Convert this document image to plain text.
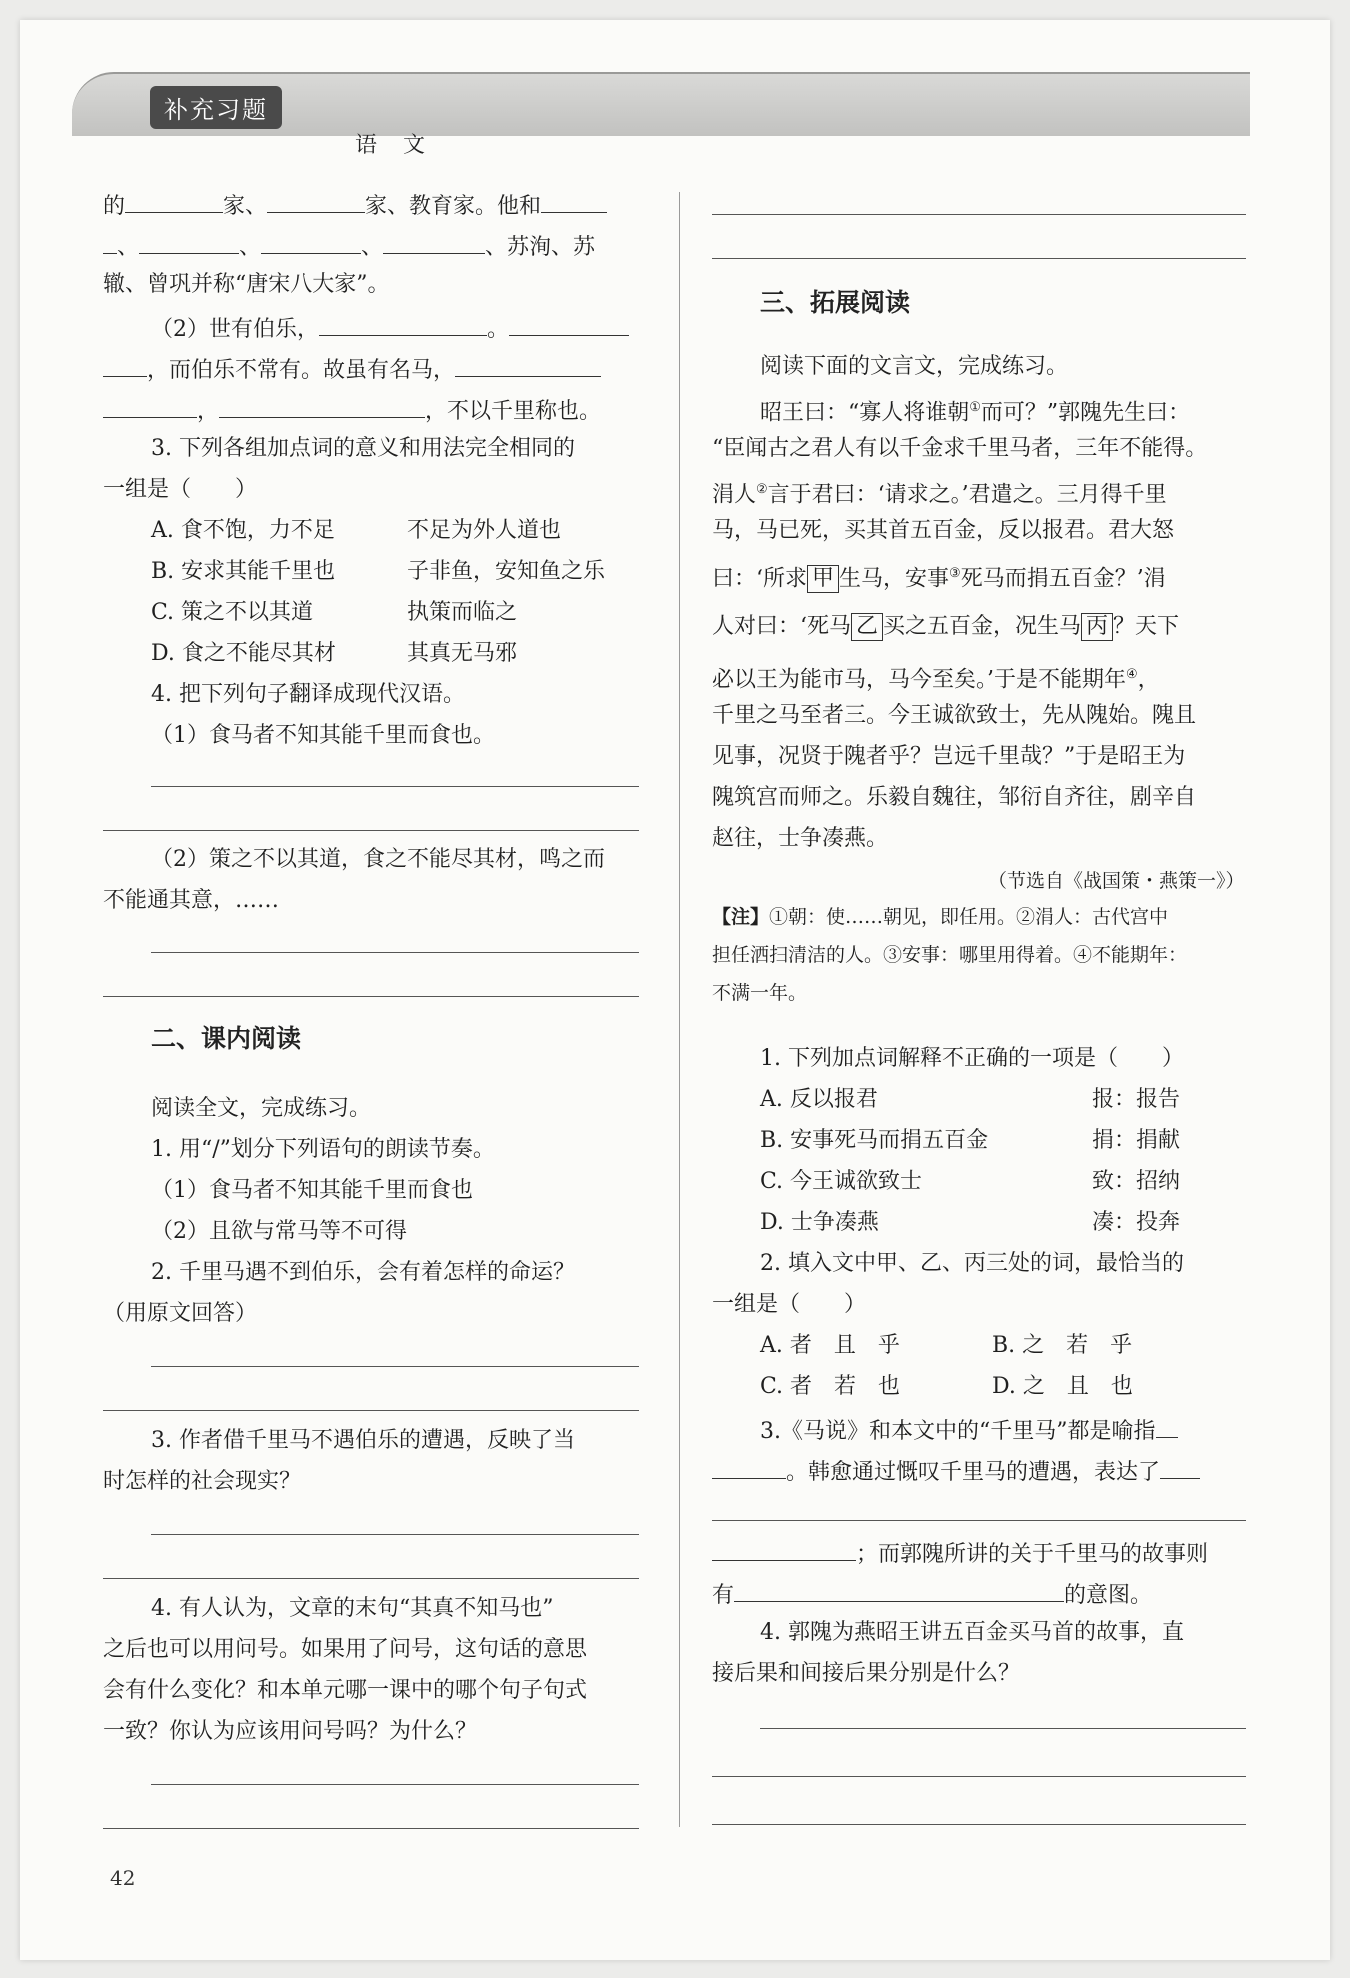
补充习题
语文
的	家、	家、教育家。他和
、	、	、	、苏洵、苏
辙、曾巩并称“唐宋八大家”。
（2）世有伯乐，	。
，而伯乐不常有。故虽有名马，
，	，不以千里称也。
3. 下列各组加点词的意义和用法完全相同的
一组是（　　）
A. 食不饱，力不足	不足为外人道也
B. 安求其能千里也	子非鱼，安知鱼之乐
C. 策之不以其道	执策而临之
D. 食之不能尽其材	其真无马邪
4. 把下列句子翻译成现代汉语。
（1）食马者不知其能千里而食也。
（2）策之不以其道，食之不能尽其材，鸣之而
不能通其意，……
二、课内阅读
阅读全文，完成练习。
1. 用“/”划分下列语句的朗读节奏。
（1）食马者不知其能千里而食也
（2）且欲与常马等不可得
2. 千里马遇不到伯乐，会有着怎样的命运？
（用原文回答）
3. 作者借千里马不遇伯乐的遭遇，反映了当
时怎样的社会现实？
4. 有人认为，文章的末句“其真不知马也”
之后也可以用问号。如果用了问号，这句话的意思
会有什么变化？和本单元哪一课中的哪个句子句式
一致？你认为应该用问号吗？为什么？
三、拓展阅读
阅读下面的文言文，完成练习。
昭王曰：“寡人将谁朝①而可？”郭隗先生曰：
“臣闻古之君人有以千金求千里马者，三年不能得。
涓人②言于君曰：‘请求之。’君遣之。三月得千里
马，马已死，买其首五百金，反以报君。君大怒
曰：‘所求 甲 生马，安事③死马而捐五百金？’涓
人对曰：‘死马 乙 买之五百金，况生马 丙 ？天下
必以王为能市马，马今至矣。’于是不能期年④，
千里之马至者三。今王诚欲致士，先从隗始。隗且
见事，况贤于隗者乎？岂远千里哉？”于是昭王为
隗筑宫而师之。乐毅自魏往，邹衍自齐往，剧辛自
赵往，士争凑燕。
（节选自《战国策・燕策一》）
【注】①朝：使……朝见，即任用。②涓人：古代宫中
担任洒扫清洁的人。③安事：哪里用得着。④不能期年：
不满一年。
1. 下列加点词解释不正确的一项是（　　）
A. 反以报君	报：报告
B. 安事死马而捐五百金	捐：捐献
C. 今王诚欲致士	致：招纳
D. 士争凑燕	凑：投奔
2. 填入文中甲、乙、丙三处的词，最恰当的
一组是（　　）
A. 者　且　乎	B. 之　若　乎
C. 者　若　也	D. 之　且　也
3.《马说》和本文中的“千里马”都是喻指
。韩愈通过慨叹千里马的遭遇，表达了
；而郭隗所讲的关于千里马的故事则
有	的意图。
4. 郭隗为燕昭王讲五百金买马首的故事，直
接后果和间接后果分别是什么？
42
